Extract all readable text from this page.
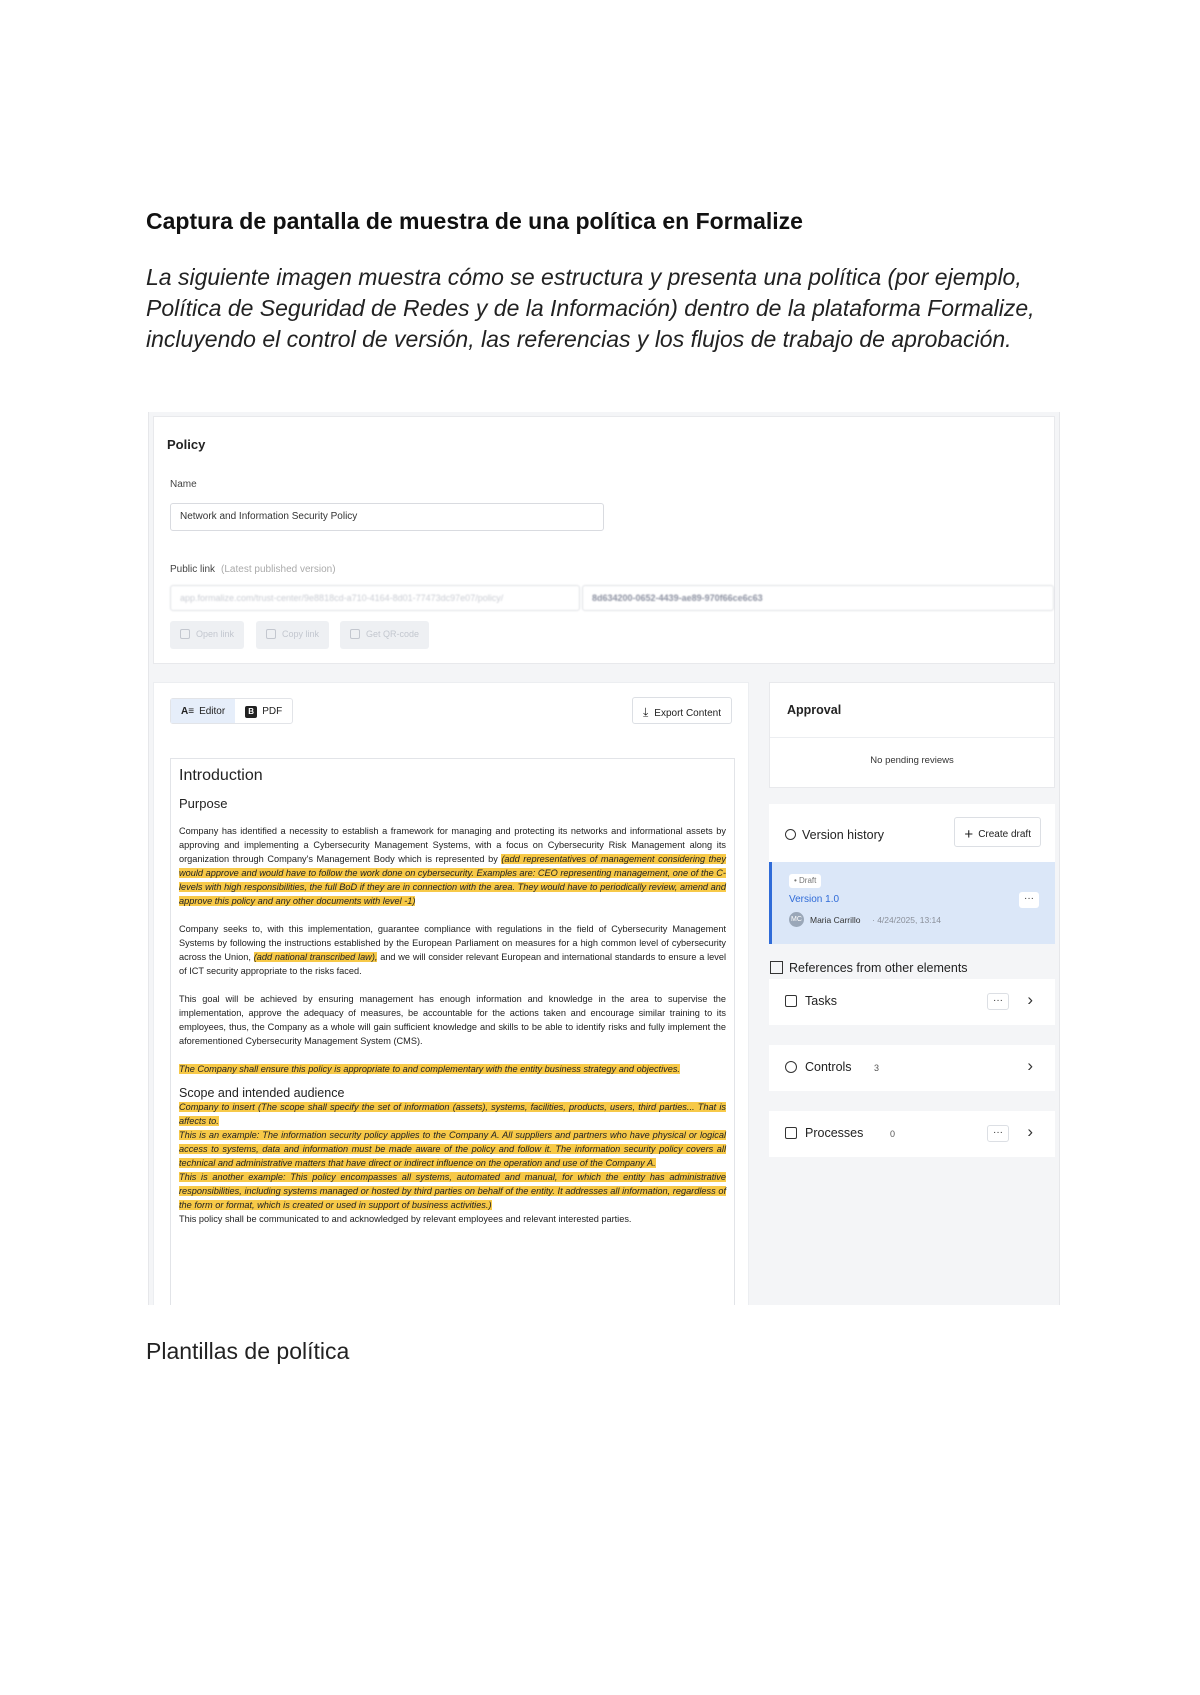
Captura de pantalla de muestra de una política en Formalize

La siguiente imagen muestra cómo se estructura y presenta una política (por ejemplo, Política de Seguridad de Redes y de la Información) dentro de la plataforma Formalize, incluyendo el control de versión, las referencias y los flujos de trabajo de aprobación.

Policy
Name
Network and Information Security Policy
Public link (Latest published version)
app.formalize.com/trust-center/9e8818cd-a710-4164-8d01-77473dc97e07/policy/	8d634200-0652-4439-ae89-970f66ce6c63
Open link	Copy link	Get QR-code
A≡ Editor	B PDF	⤓ Export Content
Introduction
Purpose

Company has identified a necessity to establish a framework for managing and protecting its networks and informational assets by approving and implementing a Cybersecurity Management Systems, with a focus on Cybersecurity Risk Management along its organization through Company's Management Body which is represented by (add representatives of management considering they would approve and would have to follow the work done on cybersecurity. Examples are: CEO representing management, one of the C-levels with high responsibilities, the full BoD if they are in connection with the area. They would have to periodically review, amend and approve this policy and any other documents with level -1)

Company seeks to, with this implementation, guarantee compliance with regulations in the field of Cybersecurity Management Systems by following the instructions established by the European Parliament on measures for a high common level of cybersecurity across the Union, (add national transcribed law), and we will consider relevant European and international standards to ensure a level of ICT security appropriate to the risks faced.

This goal will be achieved by ensuring management has enough information and knowledge in the area to supervise the implementation, approve the adequacy of measures, be accountable for the actions taken and encourage similar training to its employees, thus, the Company as a whole will gain sufficient knowledge and skills to be able to identify risks and fully implement the aforementioned Cybersecurity Management System (CMS).

The Company shall ensure this policy is appropriate to and complementary with the entity business strategy and objectives.

Scope and intended audience

Company to insert (The scope shall specify the set of information (assets), systems, facilities, products, users, third parties... That is affects to.

This is an example: The information security policy applies to the Company A. All suppliers and partners who have physical or logical access to systems, data and information must be made aware of the policy and follow it. The information security policy covers all technical and administrative matters that have direct or indirect influence on the operation and use of the Company A.

This is another example: This policy encompasses all systems, automated and manual, for which the entity has administrative responsibilities, including systems managed or hosted by third parties on behalf of the entity. It addresses all information, regardless of the form or format, which is created or used in support of business activities.)

This policy shall be communicated to and acknowledged by relevant employees and relevant interested parties.

Approval
No pending reviews
Version history	+ Create draft
• Draft
Version 1.0
MC Maria Carrillo · 4/24/2025, 13:14
···
References from other elements
Tasks	···	›
Controls 3	›
Processes	0	···	›

Plantillas de política
